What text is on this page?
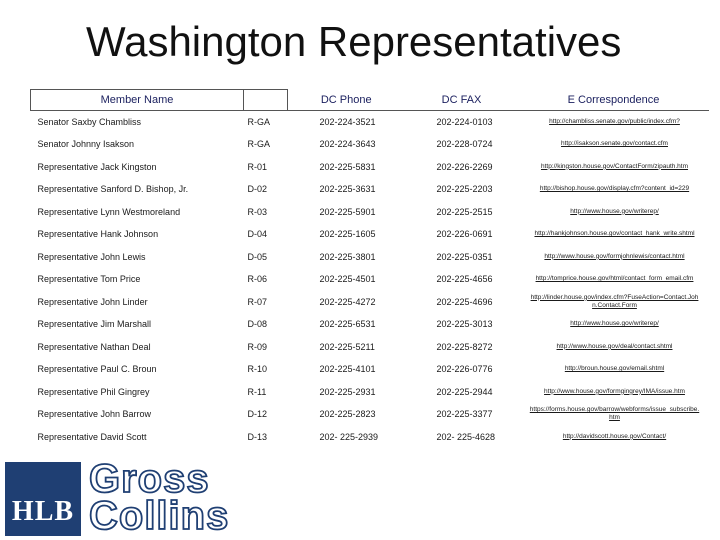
Washington Representatives
Member Name		DC Phone	DC FAX	E Correspondence
Senator Saxby Chambliss	R-GA	202-224-3521	202-224-0103	http://chambliss.senate.gov/public/index.cfm?
Senator Johnny Isakson	R-GA	202-224-3643	202-228-0724	http://isakson.senate.gov/contact.cfm
Representative Jack Kingston	R-01	202-225-5831	202-226-2269	http://kingston.house.gov/ContactForm/zipauth.htm
Representative Sanford D. Bishop, Jr.	D-02	202-225-3631	202-225-2203	http://bishop.house.gov/display.cfm?content_id=229
Representative Lynn Westmoreland	R-03	202-225-5901	202-225-2515	http://www.house.gov/writerep/
Representative Hank Johnson	D-04	202-225-1605	202-226-0691	http://hankjohnson.house.gov/contact_hank_write.shtml
Representative John Lewis	D-05	202-225-3801	202-225-0351	http://www.house.gov/formjohnlewis/contact.html
Representative Tom Price	R-06	202-225-4501	202-225-4656	http://tomprice.house.gov/html/contact_form_email.cfm
Representative John Linder	R-07	202-225-4272	202-225-4696	http://linder.house.gov/index.cfm?FuseAction=Contact.John.Contact.Form
Representative Jim Marshall	D-08	202-225-6531	202-225-3013	http://www.house.gov/writerep/
Representative Nathan Deal	R-09	202-225-5211	202-225-8272	http://www.house.gov/deal/contact.shtml
Representative Paul C. Broun	R-10	202-225-4101	202-226-0776	http://broun.house.gov/email.shtml
Representative Phil Gingrey	R-11	202-225-2931	202-225-2944	http://www.house.gov/formgingrey/IMA/issue.htm
Representative John Barrow	D-12	202-225-2823	202-225-3377	https://forms.house.gov/barrow/webforms/issue_subscribe.htm
Representative David Scott	D-13	202- 225-2939	202- 225-4628	http://davidscott.house.gov/Contact/
HLB
Gross
Collins
